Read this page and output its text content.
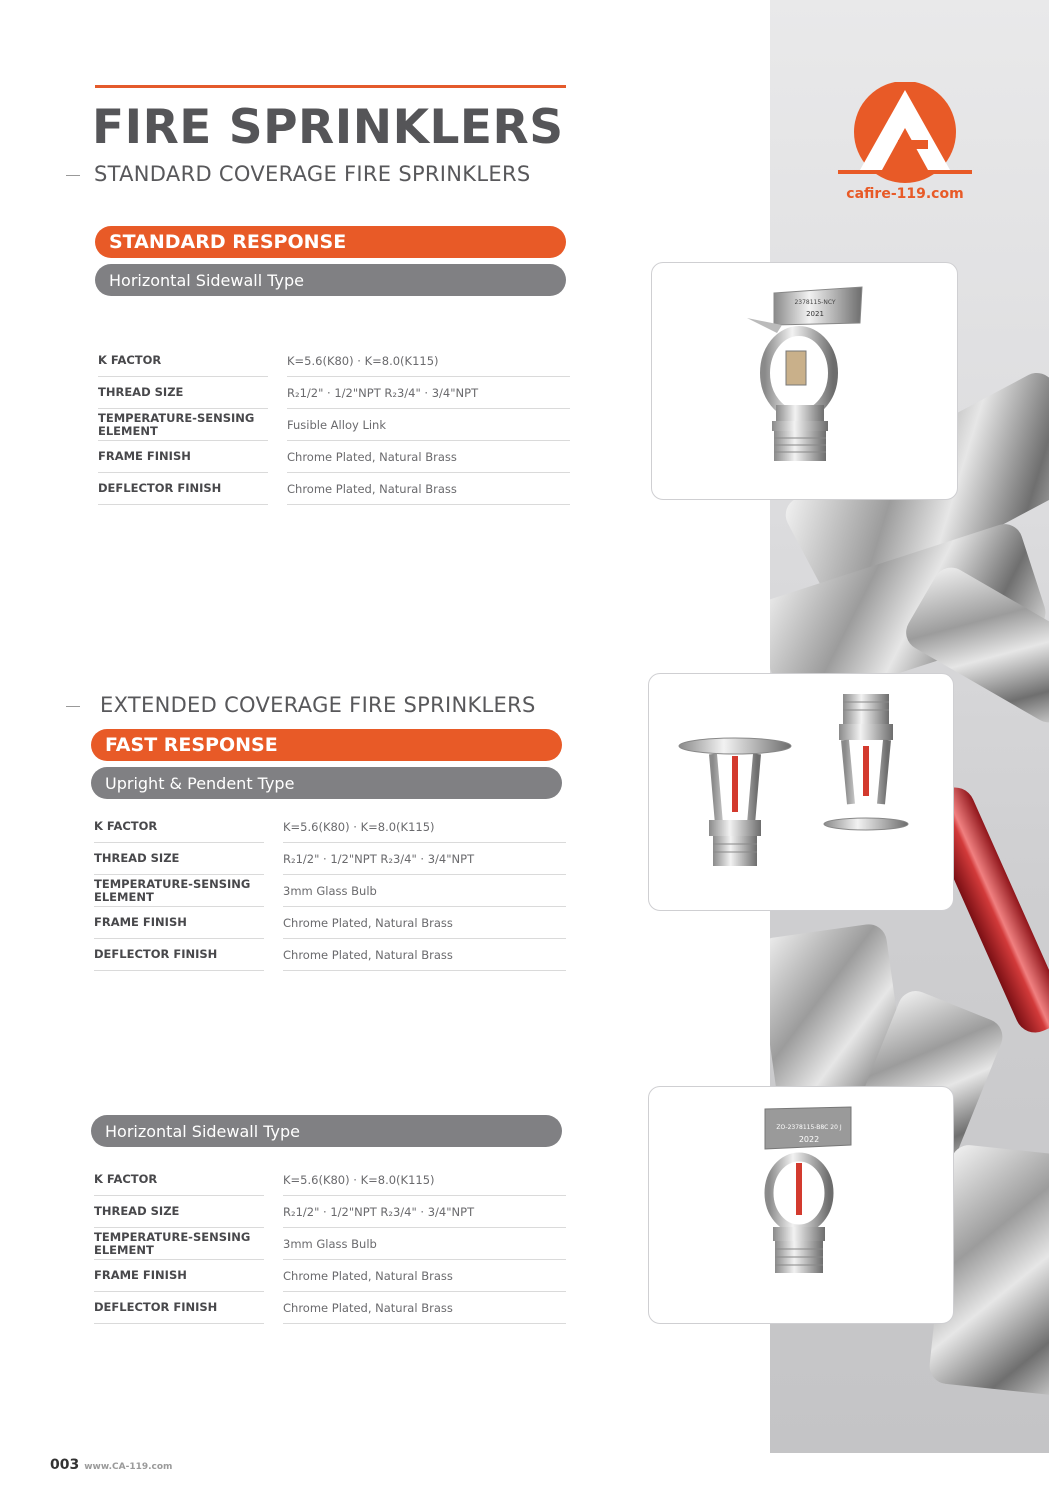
cafire-119.com
FIRE SPRINKLERS
STANDARD COVERAGE FIRE SPRINKLERS
STANDARD RESPONSE
Horizontal Sidewall Type
K FACTOR	K=5.6(K80) · K=8.0(K115)
THREAD SIZE	R₂1/2" · 1/2"NPT R₂3/4" · 3/4"NPT
TEMPERATURE-SENSING ELEMENT	Fusible Alloy Link
FRAME FINISH	Chrome Plated, Natural Brass
DEFLECTOR FINISH	Chrome Plated, Natural Brass
2378115-NCY
2021
EXTENDED COVERAGE FIRE SPRINKLERS
FAST RESPONSE
Upright & Pendent Type
K FACTOR	K=5.6(K80) · K=8.0(K115)
THREAD SIZE	R₂1/2" · 1/2"NPT R₂3/4" · 3/4"NPT
TEMPERATURE-SENSING ELEMENT	3mm Glass Bulb
FRAME FINISH	Chrome Plated, Natural Brass
DEFLECTOR FINISH	Chrome Plated, Natural Brass
Horizontal Sidewall Type
K FACTOR	K=5.6(K80) · K=8.0(K115)
THREAD SIZE	R₂1/2" · 1/2"NPT R₂3/4" · 3/4"NPT
TEMPERATURE-SENSING ELEMENT	3mm Glass Bulb
FRAME FINISH	Chrome Plated, Natural Brass
DEFLECTOR FINISH	Chrome Plated, Natural Brass
ZO-2378115-B8C 20 J
2022
003 www.CA-119.com
